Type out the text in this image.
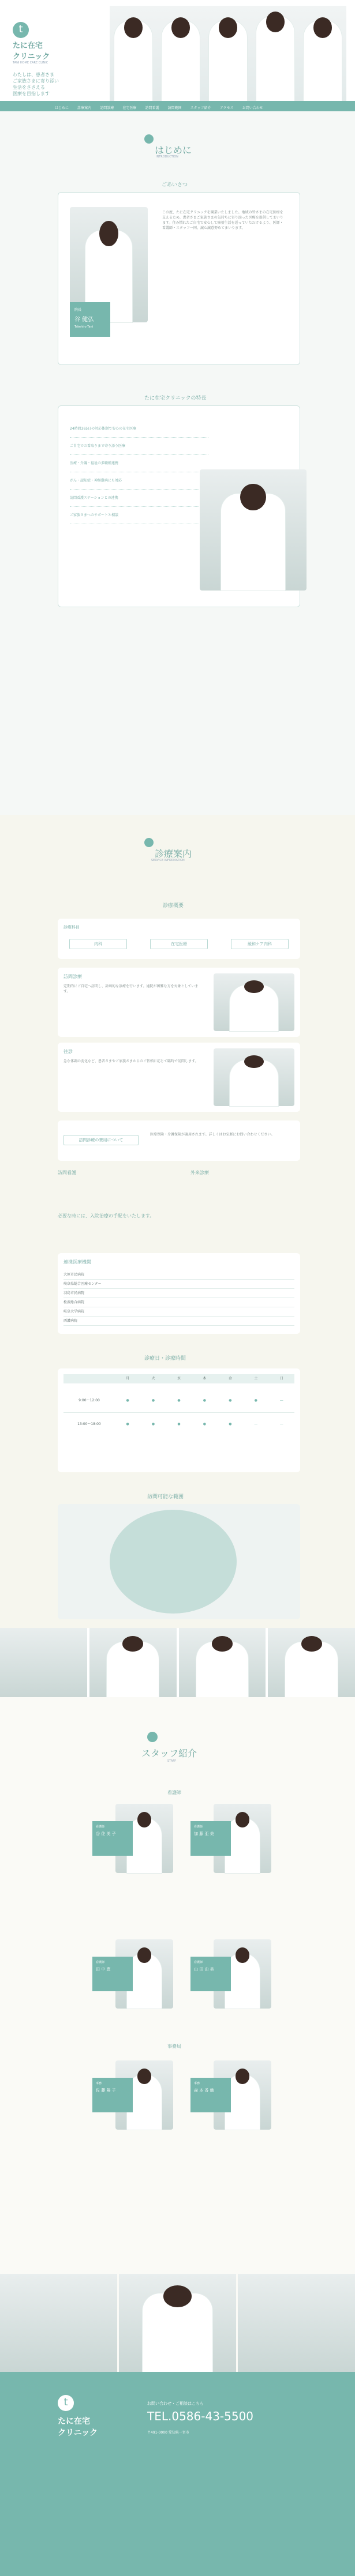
t
たに在宅
クリニック
TANI HOME CARE CLINIC
わたしは、患者さま
ご家族さまに寄り添い
生活をささえる
医療を目指します
はじめに	診療案内	訪問診療	在宅医療	訪問看護	訪問範囲	スタッフ紹介	アクセス	お問い合わせ
はじめに
INTRODUCTION
ごあいさつ
院長
谷 健弘
Takehiro Tani
この度、たに在宅クリニックを開業いたしました。地域の皆さまの在宅医療を支えるため、患者さまご家族さまの気持ちに寄り添った医療を提供してまいります。住み慣れたご自宅で安心して療養生活を送っていただけるよう、医師・看護師・スタッフ一同、誠心誠意努めてまいります。
たに在宅クリニックの特長
24時間365日の対応体制で安心の在宅医療
ご自宅での看取りまで寄り添う医療
医療・介護・福祉の多職種連携
がん・認知症・神経難病にも対応
訪問看護ステーションとの連携
ご家族さまへのサポートと相談
診療案内
SERVICE INFORMATION
診療概要
診療科目
内科	在宅医療	緩和ケア内科
訪問診療
定期的にご自宅へ訪問し、計画的な診療を行います。通院が困難な方を対象としています。
往診
急な体調の変化など、患者さまやご家族さまからのご依頼に応じて臨時で訪問します。
訪問診療の費用について
医療保険・介護保険が適用されます。詳しくはお気軽にお問い合わせください。
訪問看護	外来診療
必要な時には、入院治療の手配をいたします。
連携医療機関
大垣市民病院
岐阜県総合医療センター
羽島市民病院
松波総合病院
岐阜大学病院
西濃病院
診療日・診療時間
月	火	水	木	金	土	日
9:00〜12:00	●	●	●	●	●	●	—
13:00〜18:00	●	●	●	●	●	—	—
訪問可能な範囲
スタッフ紹介
STAFF
看護師
看護師
谷 佐 美 子
看護師
加 藤 亜 美
看護師
田 中 恵
看護師
山 田 由 美
事務局
事務
佐 藤 陽 子
事務
森 本 香 織
t
たに在宅
クリニック
お問い合わせ・ご相談はこちら
TEL.0586-43-5500
〒491-0000 愛知県一宮市
